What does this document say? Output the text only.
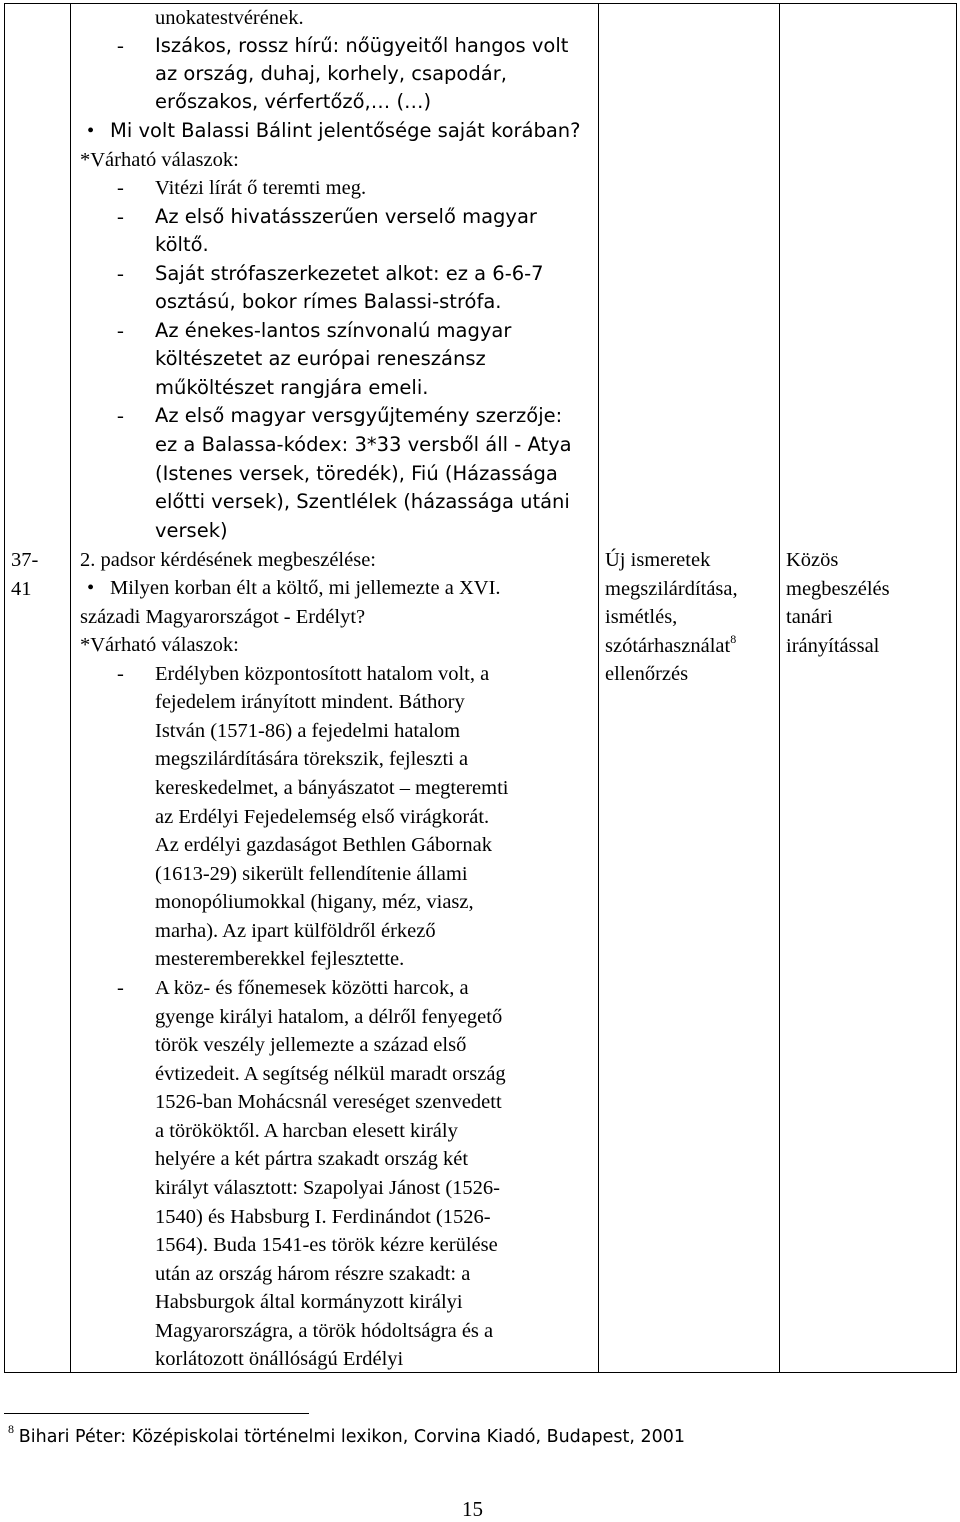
37-
41
unokatestvérének.
- Iszákos, rossz hírű: nőügyeitől hangos volt
az ország, duhaj, korhely, csapodár,
erőszakos, vérfertőző,… (…)
• Mi volt Balassi Bálint jelentősége saját korában?
*Várható válaszok:
- Vitézi lírát ő teremti meg.
- Az első hivatásszerűen verselő magyar
költő.
- Saját strófaszerkezetet alkot: ez a 6-6-7
osztású, bokor rímes Balassi-strófa.
- Az énekes-lantos színvonalú magyar
költészetet az európai reneszánsz
műköltészet rangjára emeli.
- Az első magyar versgyűjtemény szerzője:
ez a Balassa-kódex: 3*33 versből áll - Atya
(Istenes versek, töredék), Fiú (Házassága
előtti versek), Szentlélek (házassága utáni
versek)
2. padsor kérdésének megbeszélése:
• Milyen korban élt a költő, mi jellemezte a XVI.
századi Magyarországot - Erdélyt?
*Várható válaszok:
- Erdélyben központosított hatalom volt, a
fejedelem irányított mindent. Báthory
István (1571-86) a fejedelmi hatalom
megszilárdítására törekszik, fejleszti a
kereskedelmet, a bányászatot – megteremti
az Erdélyi Fejedelemség első virágkorát.
Az erdélyi gazdaságot Bethlen Gábornak
(1613-29) sikerült fellendítenie állami
monopóliumokkal (higany, méz, viasz,
marha). Az ipart külföldről érkező
mesteremberekkel fejlesztette.
- A köz- és főnemesek közötti harcok, a
gyenge királyi hatalom, a délről fenyegető
török veszély jellemezte a század első
évtizedeit. A segítség nélkül maradt ország
1526-ban Mohácsnál vereséget szenvedett
a törököktől. A harcban elesett király
helyére a két pártra szakadt ország két
királyt választott: Szapolyai Jánost (1526-
1540) és Habsburg I. Ferdinándot (1526-
1564). Buda 1541-es török kézre kerülése
után az ország három részre szakadt: a
Habsburgok által kormányzott királyi
Magyarországra, a török hódoltságra és a
korlátozott önállóságú Erdélyi
Új ismeretek
megszilárdítása,
ismétlés,
szótárhasználat$^8$
ellenőrzés
Közös
megbeszélés
tanári
irányítással
$^8$ Bihari Péter: Középiskolai történelmi lexikon, Corvina Kiadó, Budapest, 2001
15
